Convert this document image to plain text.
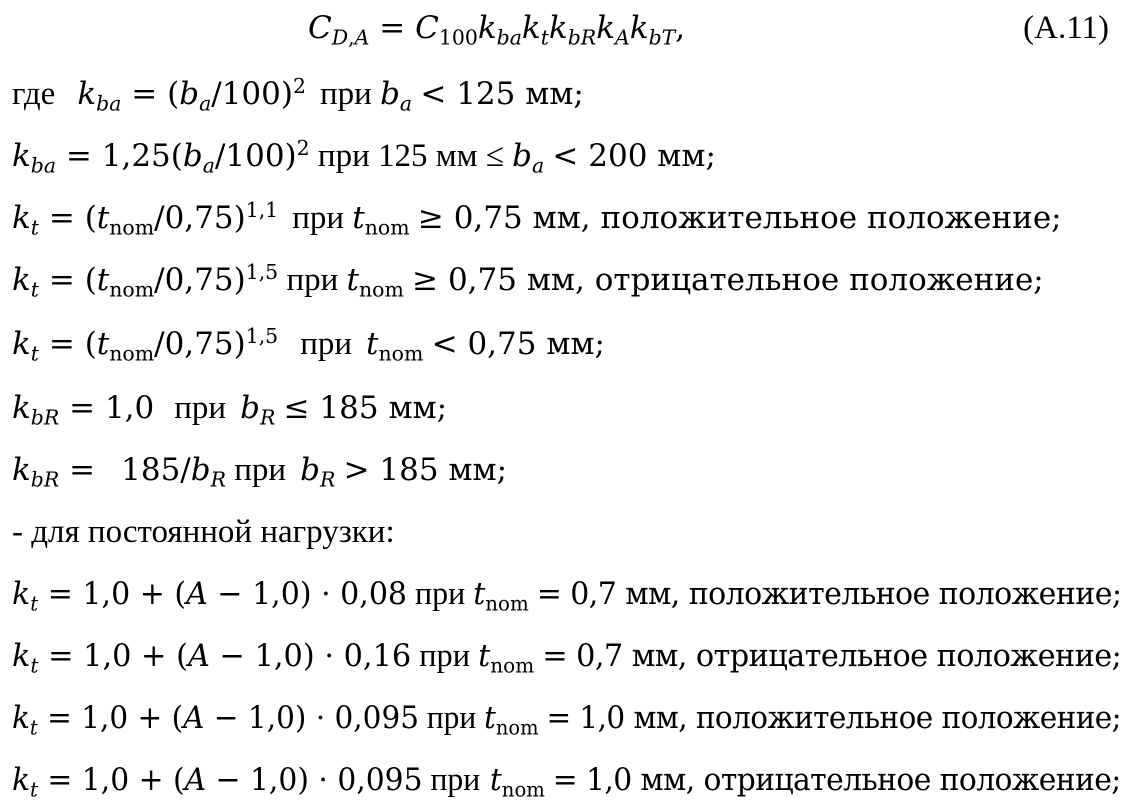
$C_{D,A} = C_{100}k_{ba}k_tk_{bR}k_Ak_{bT}$,	(A.11)
где $k_{ba} = (b_a/100)^2$ при $b_a < 125$ мм;
$k_{ba} = 1,25(b_a/100)^2$ при 125 мм ≤ $b_a < 200$ мм;
$k_t = (t_{nom}/0,75)^{1,1}$ при $t_{nom} \ge 0,75$ мм, положительное положение;
$k_t = (t_{nom}/0,75)^{1,5}$ при $t_{nom} \ge 0,75$ мм, отрицательное положение;
$k_t = (t_{nom}/0,75)^{1,5}$ при $t_{nom} < 0,75$ мм;
$k_{bR} = 1,0$ при $b_R \le 185$ мм;
$k_{bR} = 185/b_R$ при $b_R > 185$ мм;
- для постоянной нагрузки:
$k_t = 1,0 + (A - 1,0) \cdot 0,08$ при $t_{nom} = 0,7$ мм, положительное положение;
$k_t = 1,0 + (A - 1,0) \cdot 0,16$ при $t_{nom} = 0,7$ мм, отрицательное положение;
$k_t = 1,0 + (A - 1,0) \cdot 0,095$ при $t_{nom} = 1,0$ мм, положительное положение;
$k_t = 1,0 + (A - 1,0) \cdot 0,095$ при $t_{nom} = 1,0$ мм, отрицательное положение;
